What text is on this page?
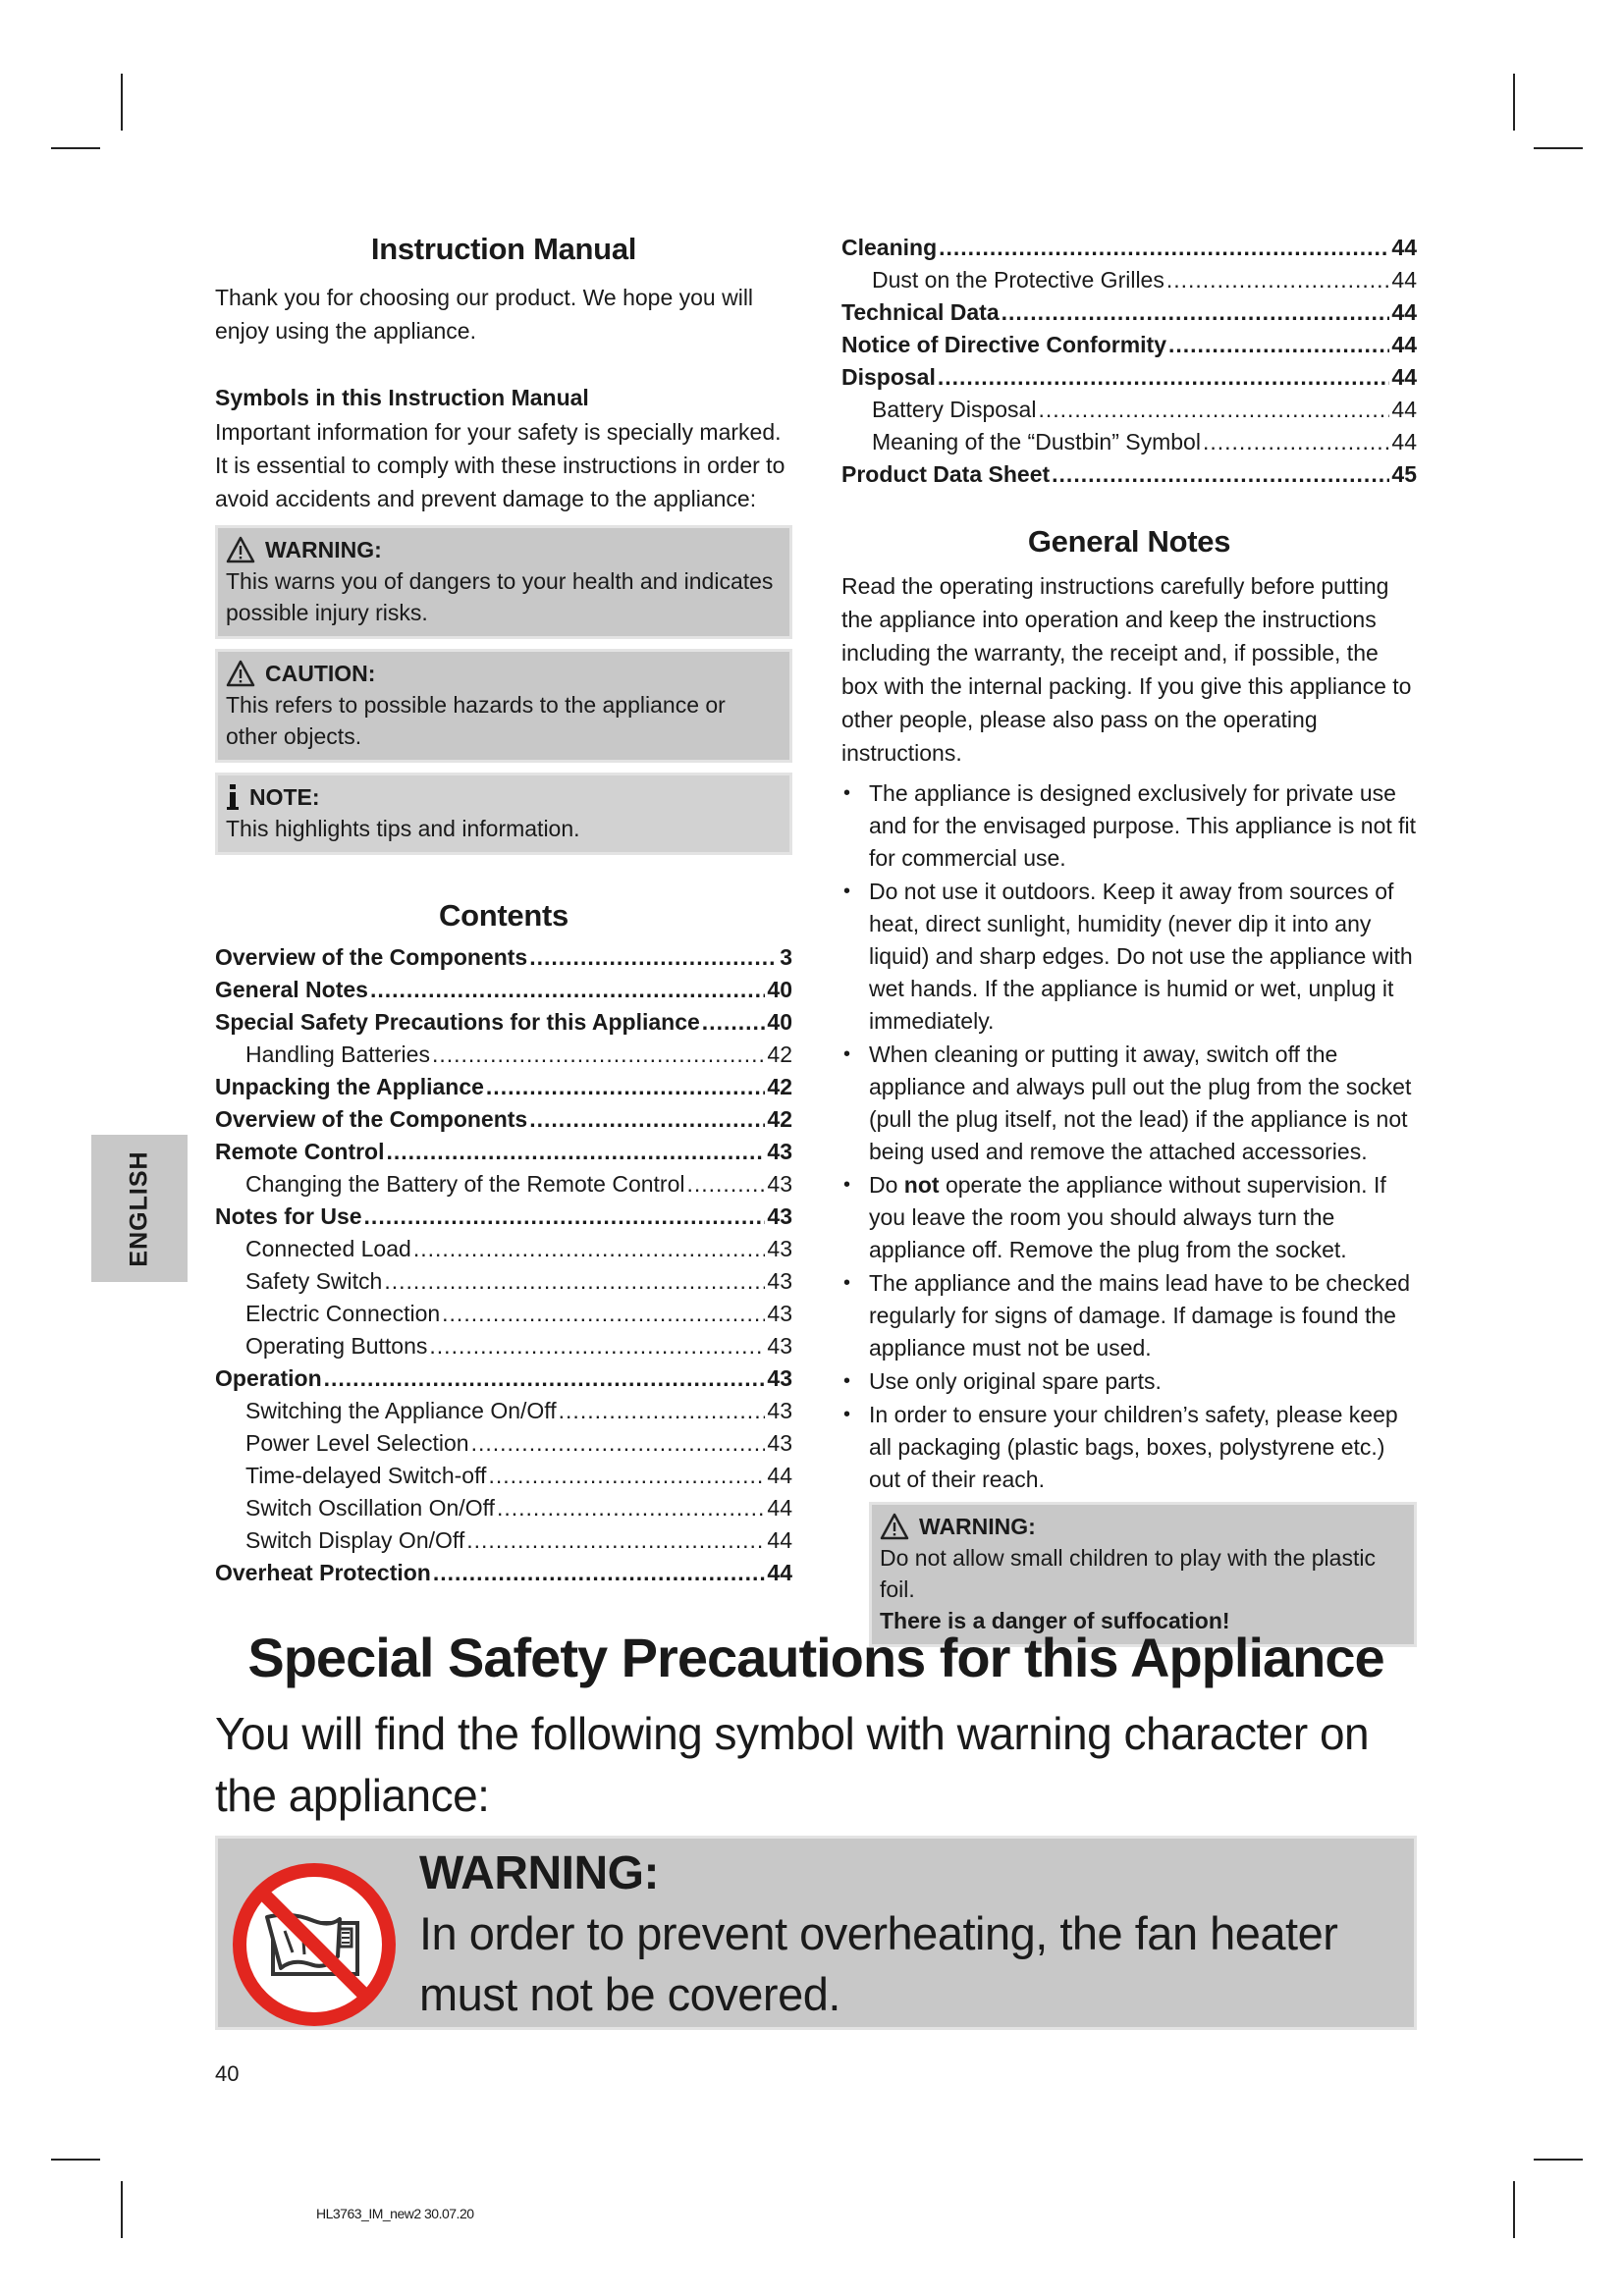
Instruction Manual

Thank you for choosing our product. We hope you will enjoy using the appliance.

Symbols in this Instruction Manual

Important information for your safety is specially marked. It is essential to comply with these instructions in order to avoid accidents and prevent damage to the appliance:

WARNING:
This warns you of dangers to your health and indicates possible injury risks.
CAUTION:
This refers to possible hazards to the appliance or other objects.
NOTE:
This highlights tips and information.
Contents
Overview of the Components .....	3
General Notes .....	40
Special Safety Precautions for this Appliance .....	40
Handling Batteries .....	42
Unpacking the Appliance .....	42
Overview of the Components .....	42
Remote Control .....	43
Changing the Battery of the Remote Control .....	43
Notes for Use .....	43
Connected Load .....	43
Safety Switch .....	43
Electric Connection .....	43
Operating Buttons .....	43
Operation .....	43
Switching the Appliance On/Off .....	43
Power Level Selection .....	43
Time-delayed Switch-off .....	44
Switch Oscillation On/Off .....	44
Switch Display On/Off .....	44
Overheat Protection .....	44
Cleaning .....	44
Dust on the Protective Grilles .....	44
Technical Data .....	44
Notice of Directive Conformity .....	44
Disposal .....	44
Battery Disposal .....	44
Meaning of the “Dustbin” Symbol .....	44
Product Data Sheet .....	45
General Notes

Read the operating instructions carefully before putting the appliance into operation and keep the instructions including the warranty, the receipt and, if possible, the box with the internal packing. If you give this appliance to other people, please also pass on the operating instructions.

• The appliance is designed exclusively for private use and for the envisaged purpose. This appliance is not fit for commercial use.
• Do not use it outdoors. Keep it away from sources of heat, direct sunlight, humidity (never dip it into any liquid) and sharp edges. Do not use the appliance with wet hands. If the appliance is humid or wet, unplug it immediately.
• When cleaning or putting it away, switch off the appliance and always pull out the plug from the socket (pull the plug itself, not the lead) if the appliance is not being used and remove the attached accessories.
• Do not operate the appliance without supervision. If you leave the room you should always turn the appliance off. Remove the plug from the socket.
• The appliance and the mains lead have to be checked regularly for signs of damage. If damage is found the appliance must not be used.
• Use only original spare parts.
• In order to ensure your children’s safety, please keep all packaging (plastic bags, boxes, polystyrene etc.) out of their reach.
WARNING:
Do not allow small children to play with the plastic foil.
There is a danger of suffocation!
ENGLISH
Special Safety Precautions for this Appliance

You will find the following symbol with warning character on the appliance:

WARNING:
In order to prevent overheating, the fan heater must not be covered.
40
HL3763_IM_new2 30.07.20
